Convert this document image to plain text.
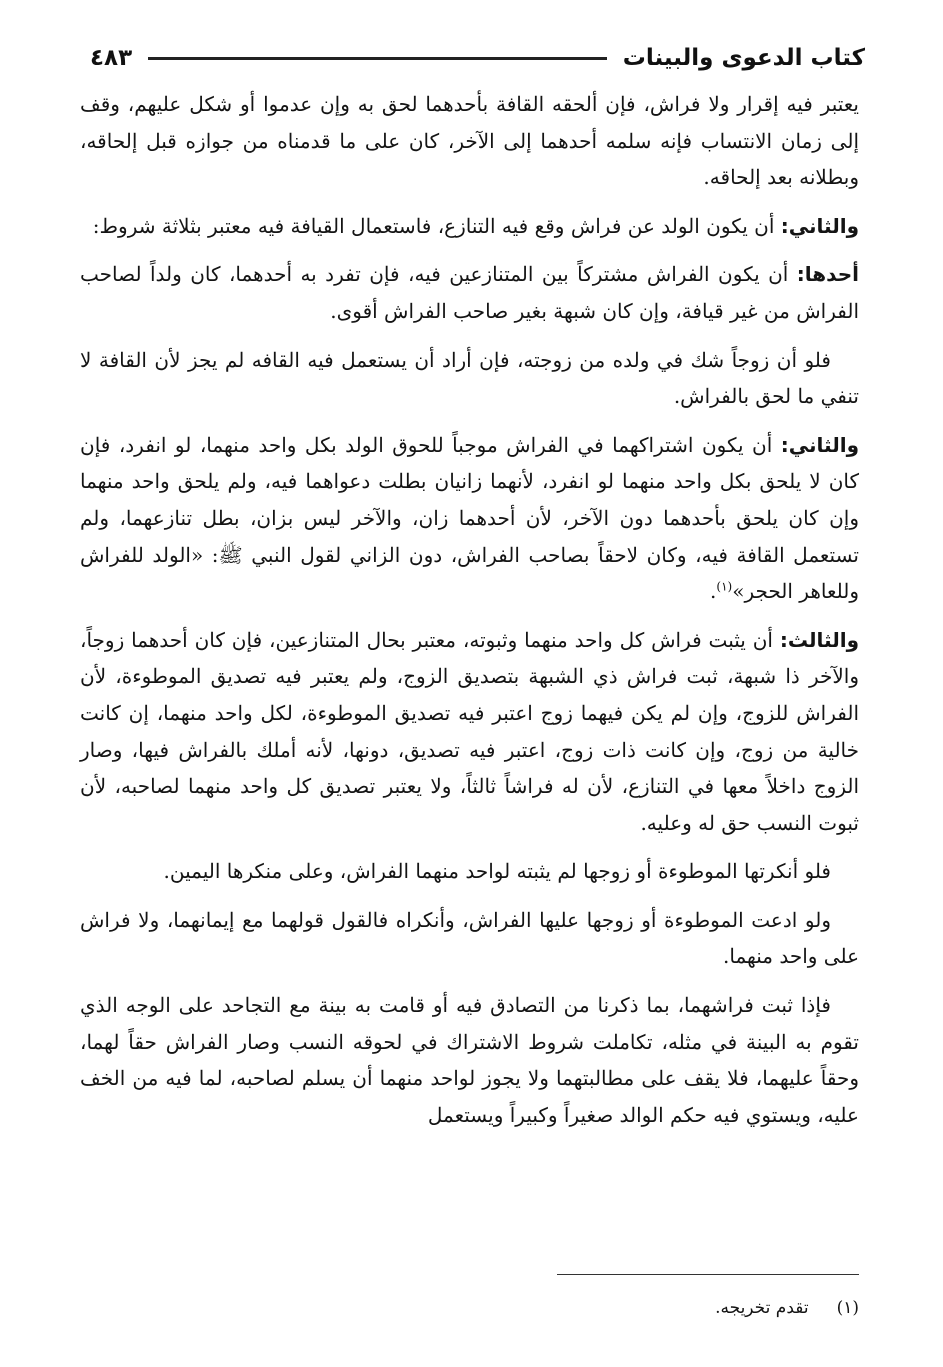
كتاب الدعوى والبينات
٤٨٣

يعتبر فيه إقرار ولا فراش، فإن ألحقه القافة بأحدهما لحق به وإن عدموا أو شكل عليهم، وقف إلى زمان الانتساب فإنه سلمه أحدهما إلى الآخر، كان على ما قدمناه من جوازه قبل إلحاقه، وبطلانه بعد إلحاقه.

والثاني: أن يكون الولد عن فراش وقع فيه التنازع، فاستعمال القيافة فيه معتبر بثلاثة شروط:

أحدها: أن يكون الفراش مشتركاً بين المتنازعين فيه، فإن تفرد به أحدهما، كان ولداً لصاحب الفراش من غير قيافة، وإن كان شبهة بغير صاحب الفراش أقوى.

فلو أن زوجاً شك في ولده من زوجته، فإن أراد أن يستعمل فيه القافه لم يجز لأن القافة لا تنفي ما لحق بالفراش.

والثاني: أن يكون اشتراكهما في الفراش موجباً للحوق الولد بكل واحد منهما، لو انفرد، فإن كان لا يلحق بكل واحد منهما لو انفرد، لأنهما زانيان بطلت دعواهما فيه، ولم يلحق واحد منهما وإن كان يلحق بأحدهما دون الآخر، لأن أحدهما زان، والآخر ليس بزان، بطل تنازعهما، ولم تستعمل القافة فيه، وكان لاحقاً بصاحب الفراش، دون الزاني لقول النبي ﷺ: «الولد للفراش وللعاهر الحجر»$^{(١)}$.

والثالث: أن يثبت فراش كل واحد منهما وثبوته، معتبر بحال المتنازعين، فإن كان أحدهما زوجاً، والآخر ذا شبهة، ثبت فراش ذي الشبهة بتصديق الزوج، ولم يعتبر فيه تصديق الموطوءة، لأن الفراش للزوج، وإن لم يكن فيهما زوج اعتبر فيه تصديق الموطوءة، لكل واحد منهما، إن كانت خالية من زوج، وإن كانت ذات زوج، اعتبر فيه تصديق، دونها، لأنه أملك بالفراش فيها، وصار الزوج داخلاً معها في التنازع، لأن له فراشاً ثالثاً، ولا يعتبر تصديق كل واحد منهما لصاحبه، لأن ثبوت النسب حق له وعليه.

فلو أنكرتها الموطوءة أو زوجها لم يثبته لواحد منهما الفراش، وعلى منكرها اليمين.

ولو ادعت الموطوءة أو زوجها عليها الفراش، وأنكراه فالقول قولهما مع إيمانهما، ولا فراش على واحد منهما.

فإذا ثبت فراشهما، بما ذكرنا من التصادق فيه أو قامت به بينة مع التجاحد على الوجه الذي تقوم به البينة في مثله، تكاملت شروط الاشتراك في لحوقه النسب وصار الفراش حقاً لهما، وحقاً عليهما، فلا يقف على مطالبتهما ولا يجوز لواحد منهما أن يسلم لصاحبه، لما فيه من الخف عليه، ويستوي فيه حكم الوالد صغيراً وكبيراً ويستعمل

(١)تقدم تخريجه.
